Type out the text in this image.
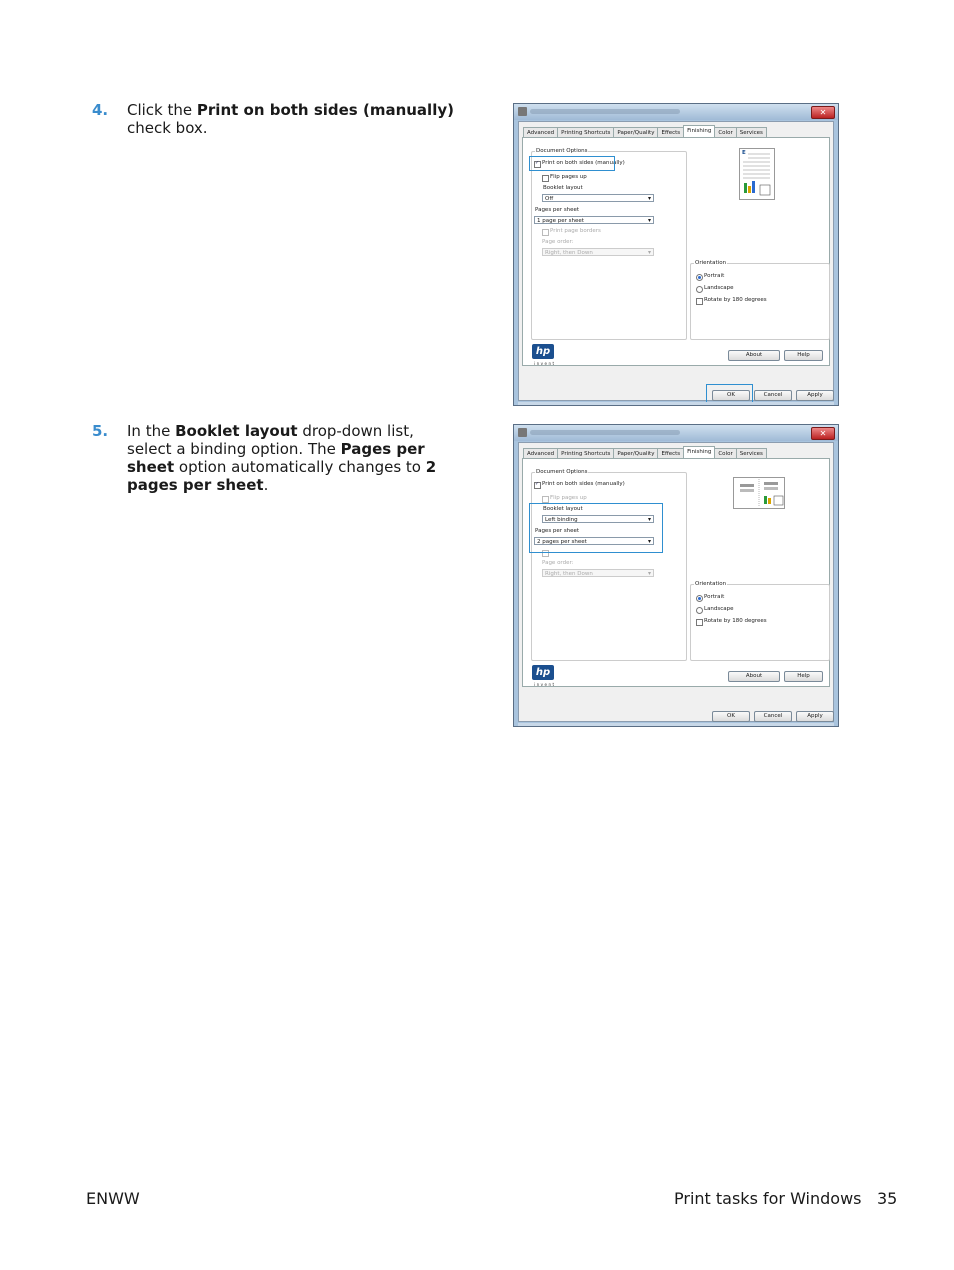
4. Click the Print on both sides (manually) check box.
5. In the Booklet layout drop-down list, select a binding option. The Pages per sheet option automatically changes to 2 pages per sheet.
✕
Advanced	Printing Shortcuts	Paper/Quality	Effects	Finishing	Color	Services
Document Options
✓
Print on both sides (manually)
Flip pages up
Booklet layout
Off ▾
Pages per sheet
1 page per sheet ▾
Print page borders
Page order:
Right, then Down ▾
E
Orientation
Portrait
Landscape
Rotate by 180 degrees
hp
invent
About	Help
OK	Cancel	Apply
✕
Advanced	Printing Shortcuts	Paper/Quality	Effects	Finishing	Color	Services
Document Options
✓
Print on both sides (manually)
Flip pages up
Booklet layout
Left binding ▾
Pages per sheet
2 pages per sheet ▾
Page order:
Right, then Down ▾
Orientation
Portrait
Landscape
Rotate by 180 degrees
hp
invent
About	Help
OK	Cancel	Apply
ENWW	Print tasks for Windows 35
